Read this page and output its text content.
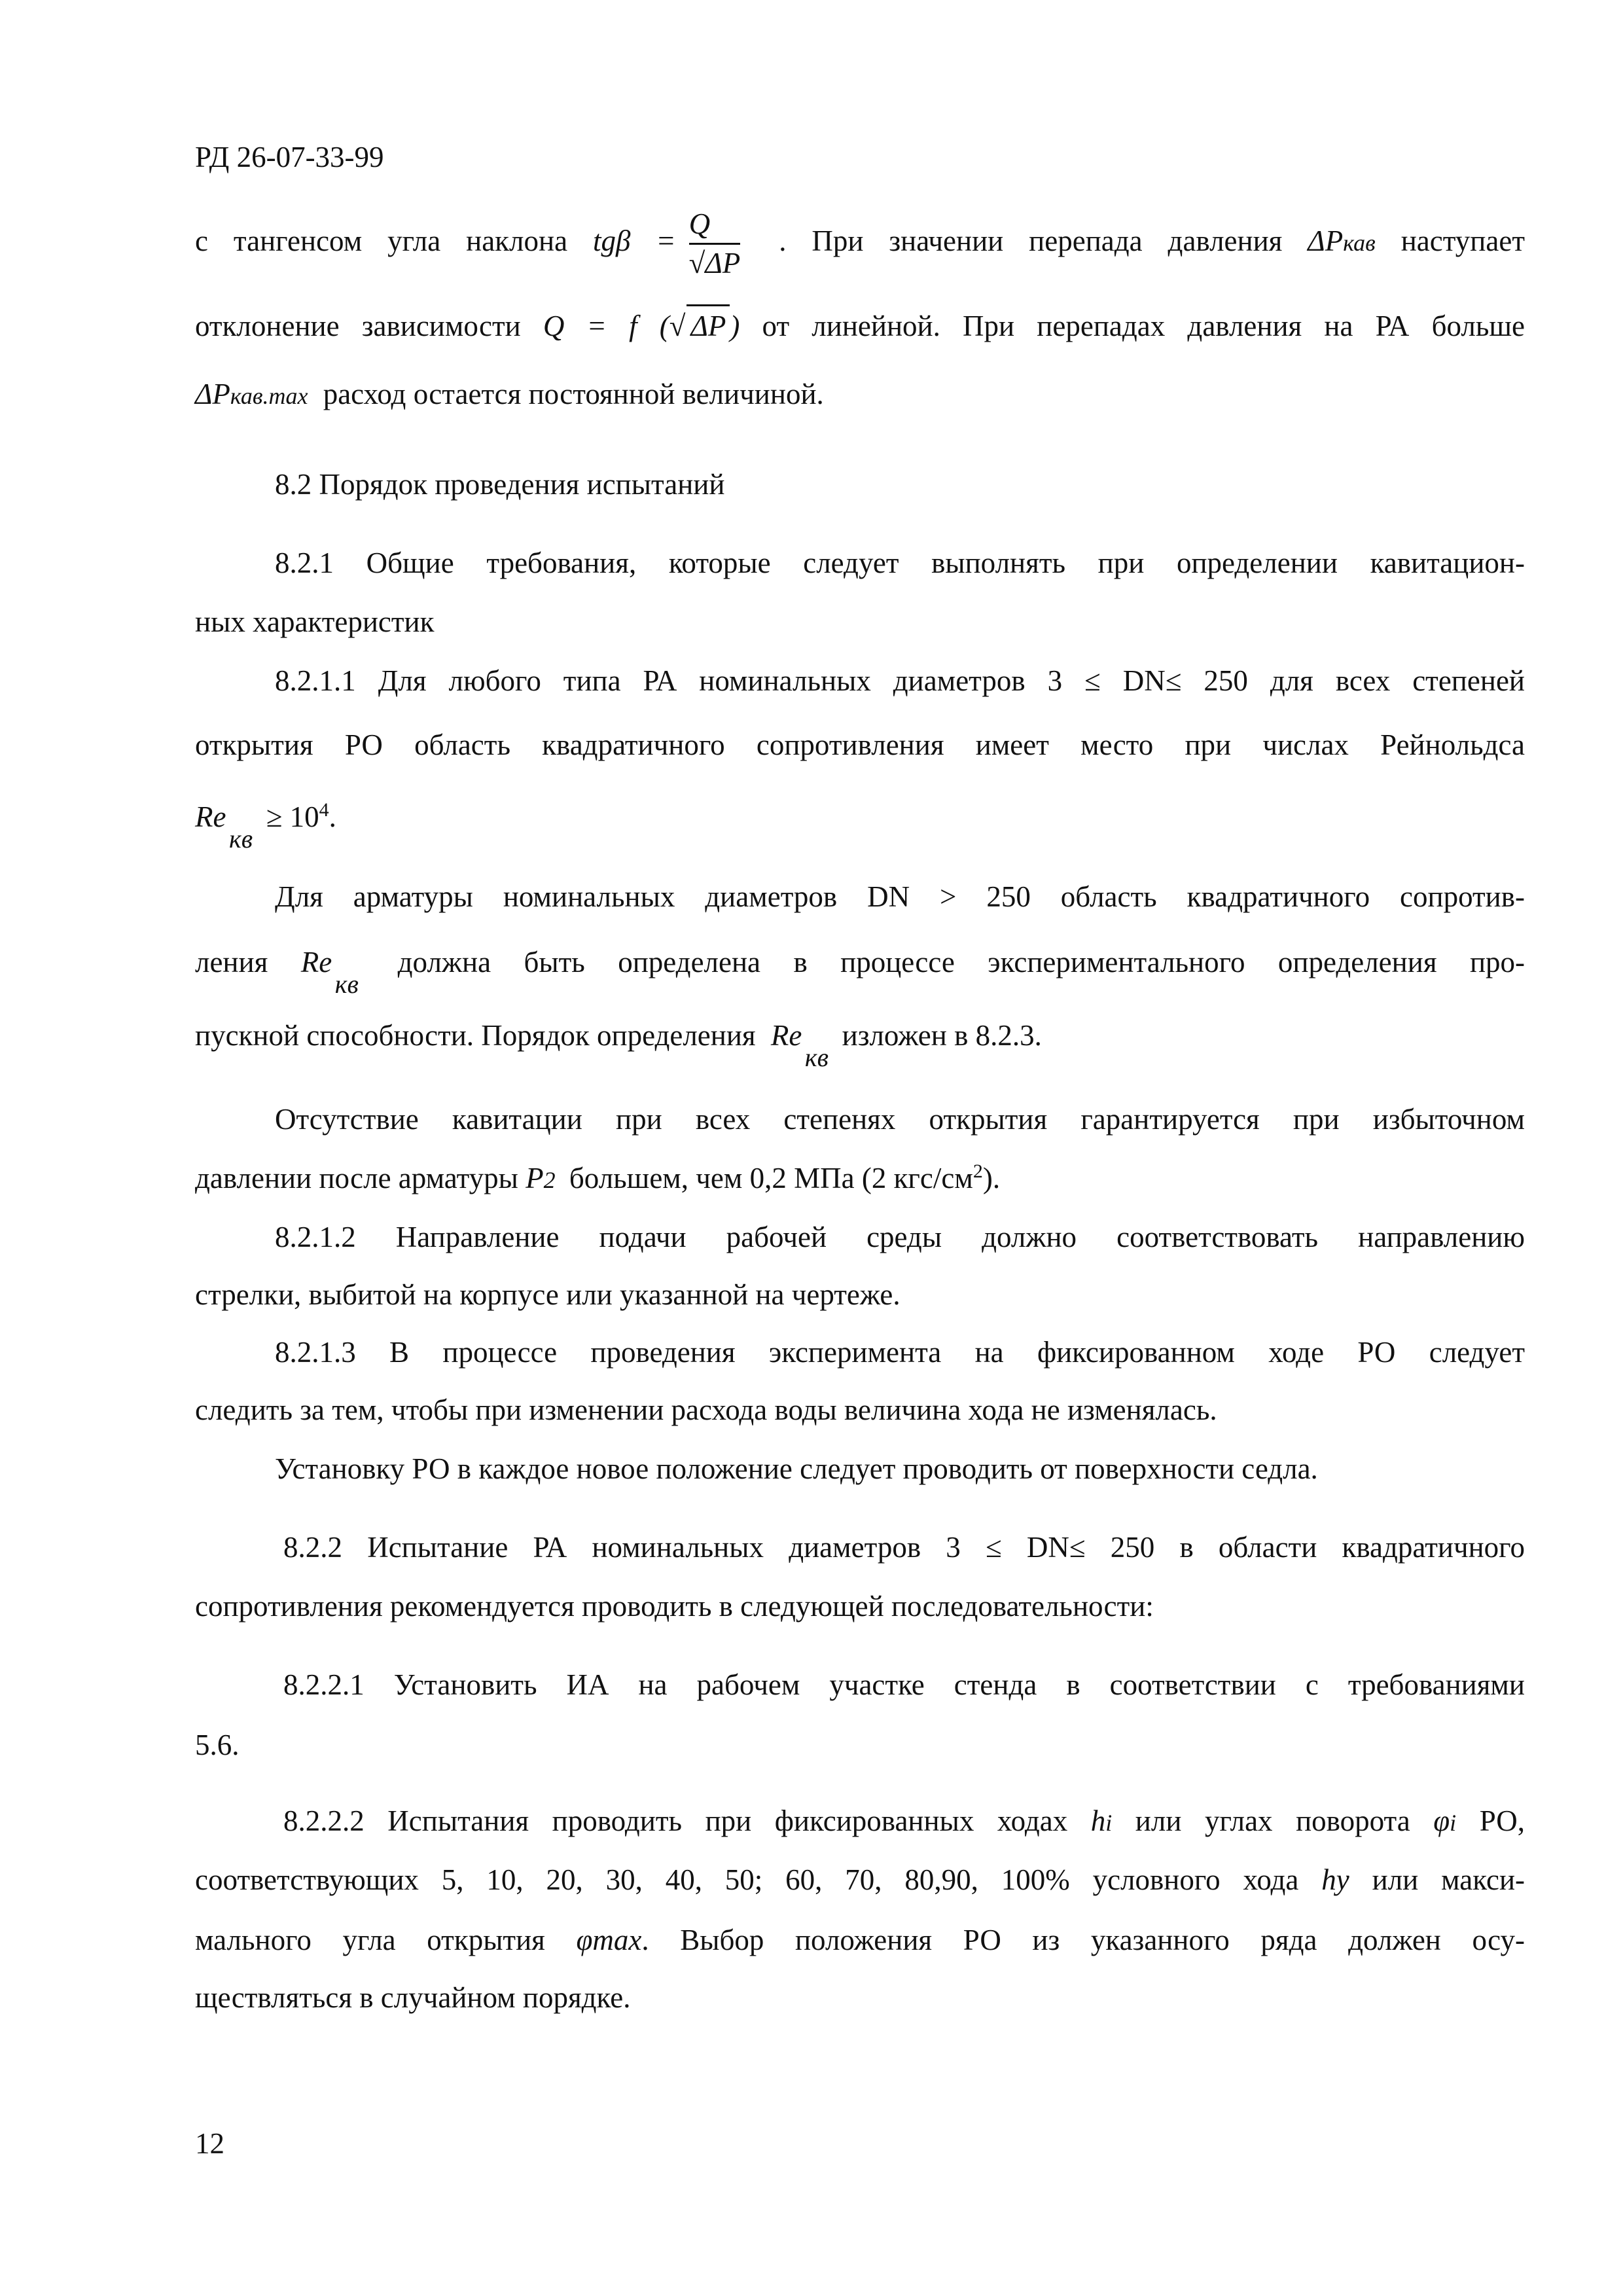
РД 26-07-33-99
с тангенсом угла наклона $tg\beta = \frac{Q}{√\Delta P}$ . При значении перепада давления ΔPкав наступает
отклонение зависимости Q = f (√ ΔP ) от линейной. При перепадах давления на РА больше
ΔPкав.max расход остается постоянной величиной.
8.2 Порядок проведения испытаний
8.2.1 Общие требования, которые следует выполнять при определении кавитацион-
ных характеристик
8.2.1.1 Для любого типа РА номинальных диаметров 3 ≤ DN≤ 250 для всех степеней
открытия РО область квадратичного сопротивления имеет место при числах Рейнольдса
Re
кв
≥ $10^4$.
Для арматуры номинальных диаметров DN > 250 область квадратичного сопротив-
ления Re
кв
должна быть определена в процессе экспериментального определения про-
пускной способности. Порядок определения Re
кв
изложен в 8.2.3.
Отсутствие кавитации при всех степенях открытия гарантируется при избыточном
давлении после арматуры P2 большем, чем 0,2 МПа (2 кгс/$см^2$).
8.2.1.2 Направление подачи рабочей среды должно соответствовать направлению
стрелки, выбитой на корпусе или указанной на чертеже.
8.2.1.3 В процессе проведения эксперимента на фиксированном ходе РО следует
следить за тем, чтобы при изменении расхода воды величина хода не изменялась.
Установку РО в каждое новое положение следует проводить от поверхности седла.
8.2.2 Испытание РА номинальных диаметров 3 ≤ DN≤ 250 в области квадратичного
сопротивления рекомендуется проводить в следующей последовательности:
8.2.2.1 Установить ИА на рабочем участке стенда в соответствии с требованиями
5.6.
8.2.2.2 Испытания проводить при фиксированных ходах hi или углах поворота φi РО,
соответствующих 5, 10, 20, 30, 40, 50; 60, 70, 80,90, 100% условного хода hy или макси-
мального угла открытия φmax. Выбор положения РО из указанного ряда должен осу-
ществляться в случайном порядке.
12
